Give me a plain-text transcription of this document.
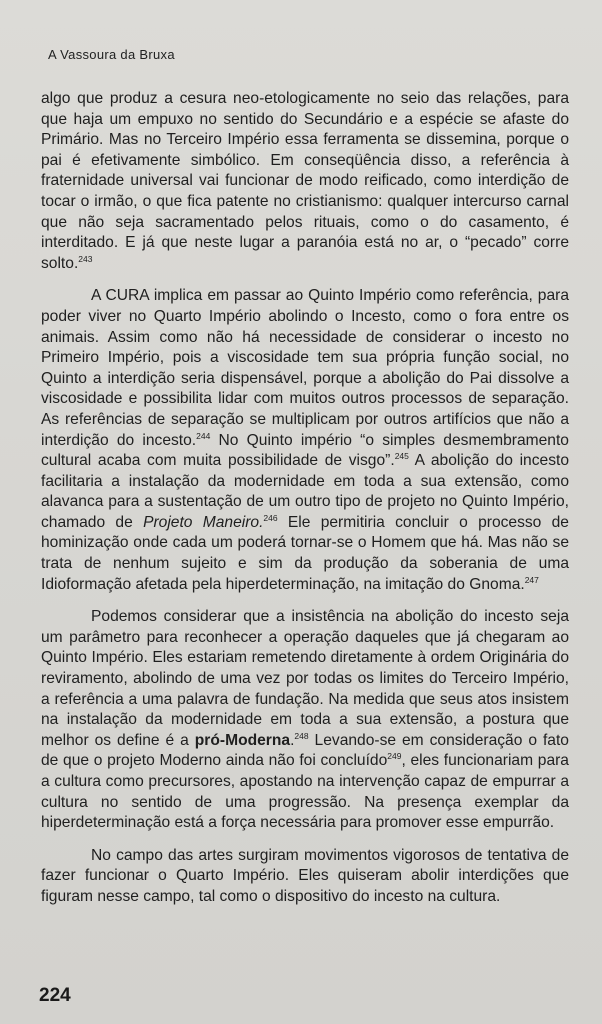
A Vassoura da Bruxa

algo que produz a cesura neo-etologicamente no seio das relações, para que haja um empuxo no sentido do Secundário e a espécie se afaste do Primário. Mas no Terceiro Império essa ferramenta se dissemina, porque o pai é efetivamente simbólico. Em conseqüência disso, a referência à fraternidade universal vai funcionar de modo reificado, como interdição de tocar o irmão, o que fica patente no cristianismo: qualquer intercurso carnal que não seja sacramentado pelos rituais, como o do casamento, é interditado. E já que neste lugar a paranóia está no ar, o “pecado” corre solto.$^{243}$

A CURA implica em passar ao Quinto Império como referência, para poder viver no Quarto Império abolindo o Incesto, como o fora entre os animais. Assim como não há necessidade de considerar o incesto no Primeiro Império, pois a viscosidade tem sua própria função social, no Quinto a interdição seria dispensável, porque a abolição do Pai dissolve a viscosidade e possibilita lidar com muitos outros processos de separação. As referências de separação se multiplicam por outros artifícios que não a interdição do incesto.$^{244}$ No Quinto império “o simples desmembramento cultural acaba com muita possibilidade de visgo”.$^{245}$ A abolição do incesto facilitaria a instalação da modernidade em toda a sua extensão, como alavanca para a sustentação de um outro tipo de projeto no Quinto Império, chamado de Projeto Maneiro.$^{246}$ Ele permitiria concluir o processo de hominização onde cada um poderá tornar-se o Homem que há. Mas não se trata de nenhum sujeito e sim da produção da soberania de uma Idioformação afetada pela hiperdeterminação, na imitação do Gnoma.$^{247}$

Podemos considerar que a insistência na abolição do incesto seja um parâmetro para reconhecer a operação daqueles que já chegaram ao Quinto Império. Eles estariam remetendo diretamente à ordem Originária do reviramento, abolindo de uma vez por todas os limites do Terceiro Império, a referência a uma palavra de fundação. Na medida que seus atos insistem na instalação da modernidade em toda a sua extensão, a postura que melhor os define é a pró-Moderna.$^{248}$ Levando-se em consideração o fato de que o projeto Moderno ainda não foi concluído$^{249}$, eles funcionariam para a cultura como precursores, apostando na intervenção capaz de empurrar a cultura no sentido de uma progressão. Na presença exemplar da hiperdeterminação está a força necessária para promover esse empurrão.

No campo das artes surgiram movimentos vigorosos de tentativa de fazer funcionar o Quarto Império. Eles quiseram abolir interdições que figuram nesse campo, tal como o dispositivo do incesto na cultura.

224
